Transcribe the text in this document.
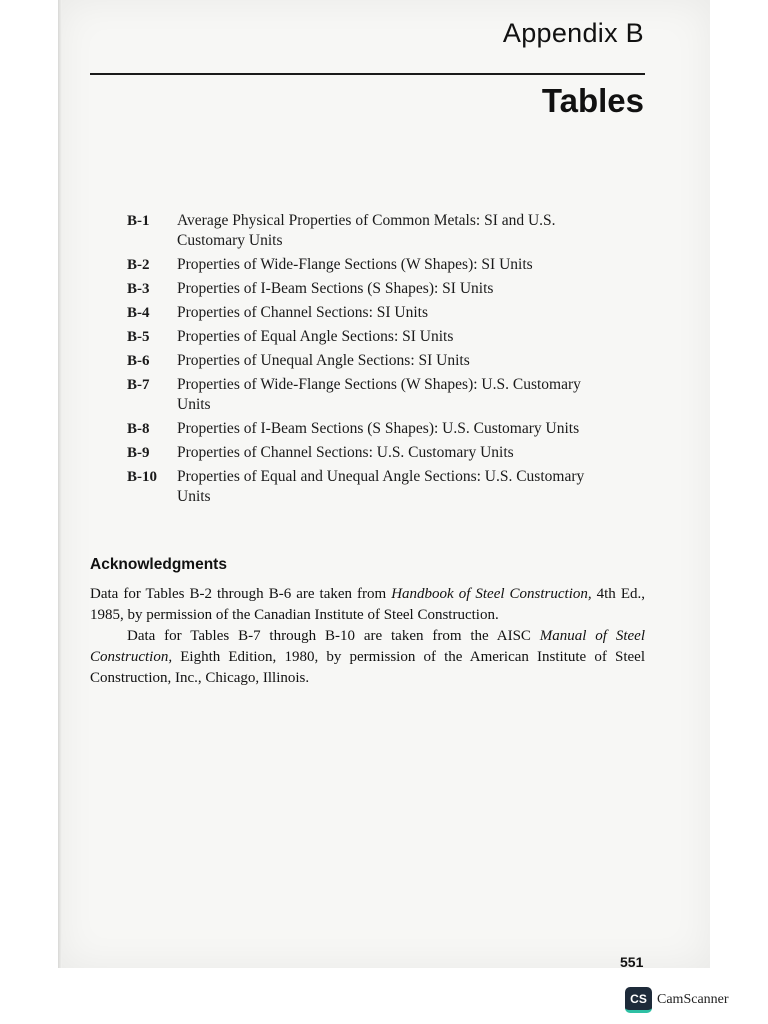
Appendix B
Tables
B-1	Average Physical Properties of Common Metals: SI and U.S. Customary Units
B-2	Properties of Wide-Flange Sections (W Shapes): SI Units
B-3	Properties of I-Beam Sections (S Shapes): SI Units
B-4	Properties of Channel Sections: SI Units
B-5	Properties of Equal Angle Sections: SI Units
B-6	Properties of Unequal Angle Sections: SI Units
B-7	Properties of Wide-Flange Sections (W Shapes): U.S. Customary Units
B-8	Properties of I-Beam Sections (S Shapes): U.S. Customary Units
B-9	Properties of Channel Sections: U.S. Customary Units
B-10	Properties of Equal and Unequal Angle Sections: U.S. Customary Units
Acknowledgments

Data for Tables B-2 through B-6 are taken from Handbook of Steel Construction, 4th Ed., 1985, by permission of the Canadian Institute of Steel Construction.

Data for Tables B-7 through B-10 are taken from the AISC Manual of Steel Construction, Eighth Edition, 1980, by permission of the American Institute of Steel Construction, Inc., Chicago, Illinois.

551
CS CamScanner
